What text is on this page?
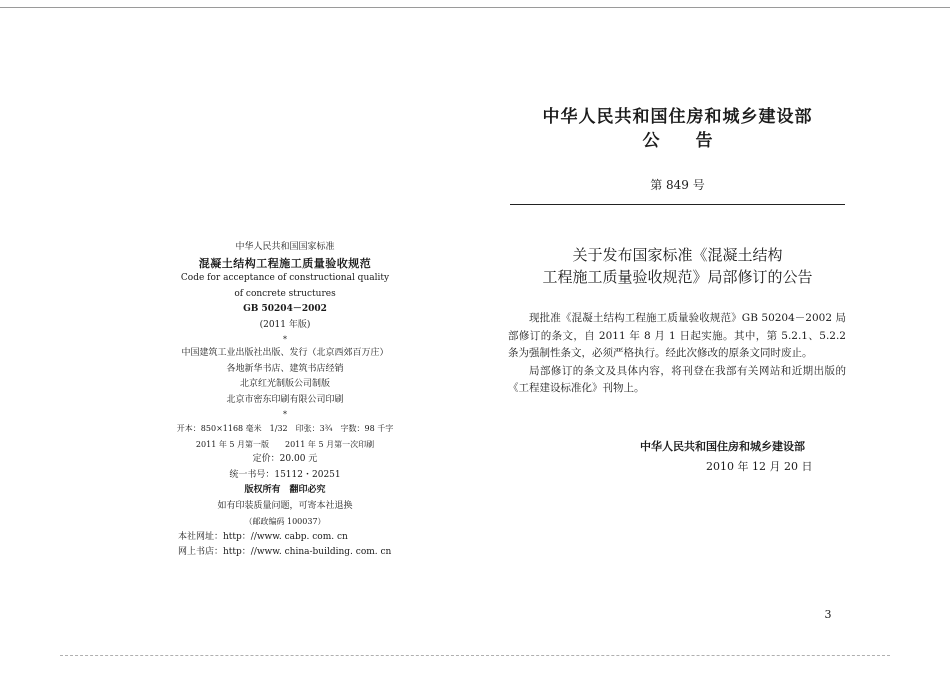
中华人民共和国国家标准
混凝土结构工程施工质量验收规范
Code for acceptance of constructional quality
of concrete structures
GB 50204－2002
(2011 年版)
*
中国建筑工业出版社出版、发行（北京西郊百万庄）
各地新华书店、建筑书店经销
北京红光制版公司制版
北京市密东印刷有限公司印刷
*
开本：850×1168 毫米　1/32　印张：3¾　字数：98 千字
2011 年 5 月第一版　　2011 年 5 月第一次印刷
定价：20.00 元
统一书号：15112・20251
版权所有　翻印必究
如有印装质量问题，可寄本社退换
（邮政编码 100037）
本社网址：http：//www. cabp. com. cn
网上书店：http：//www. china-building. com. cn
中华人民共和国住房和城乡建设部
公告
第 849 号
关于发布国家标准《混凝土结构
工程施工质量验收规范》局部修订的公告

现批准《混凝土结构工程施工质量验收规范》GB 50204－2002 局部修订的条文，自 2011 年 8 月 1 日起实施。其中，第 5.2.1、5.2.2 条为强制性条文，必须严格执行。经此次修改的原条文同时废止。

局部修订的条文及具体内容，将刊登在我部有关网站和近期出版的《工程建设标准化》刊物上。

中华人民共和国住房和城乡建设部
2010 年 12 月 20 日
3
